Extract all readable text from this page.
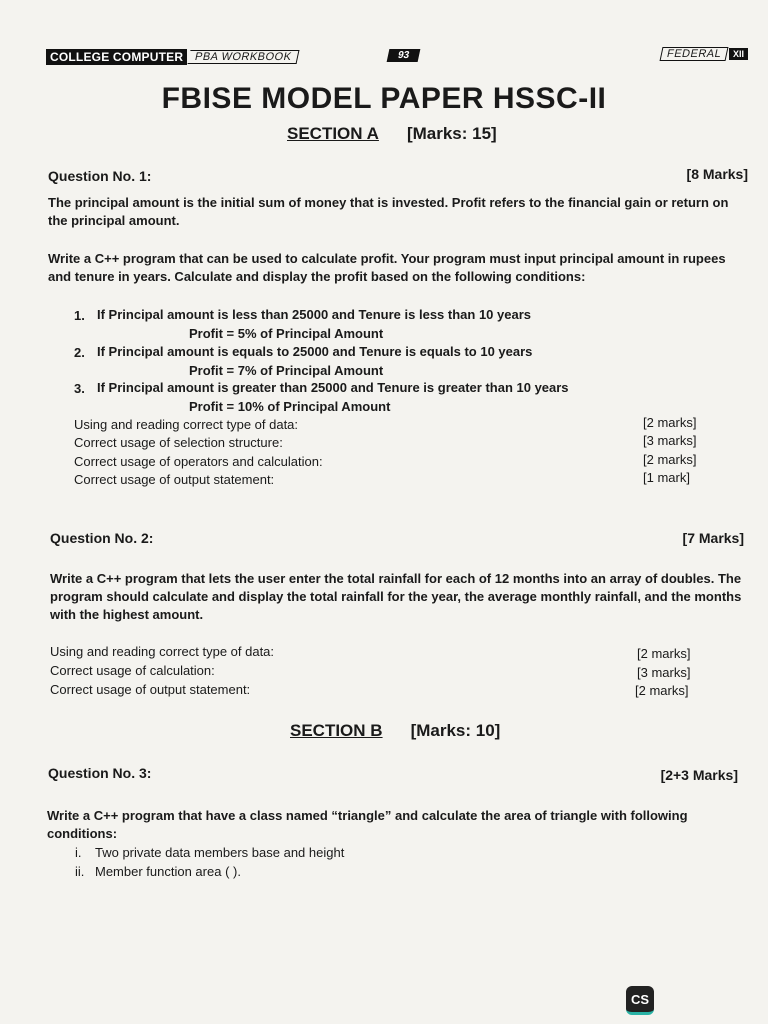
COLLEGE COMPUTER PBA WORKBOOK	93	FEDERAL	XII
FBISE MODEL PAPER HSSC-II
SECTION A [Marks: 15]
Question No. 1:	[8 Marks]
The principal amount is the initial sum of money that is invested. Profit refers to the financial gain or return on the principal amount.
Write a C++ program that can be used to calculate profit. Your program must input principal amount in rupees and tenure in years. Calculate and display the profit based on the following conditions:
1. If Principal amount is less than 25000 and Tenure is less than 10 years
Profit = 5% of Principal Amount
2. If Principal amount is equals to 25000 and Tenure is equals to 10 years
Profit = 7% of Principal Amount
3. If Principal amount is greater than 25000 and Tenure is greater than 10 years
Profit = 10% of Principal Amount
Using and reading correct type of data:	[2 marks]
Correct usage of selection structure:	[3 marks]
Correct usage of operators and calculation:	[2 marks]
Correct usage of output statement:	[1 mark]
Question No. 2:	[7 Marks]
Write a C++ program that lets the user enter the total rainfall for each of 12 months into an array of doubles. The program should calculate and display the total rainfall for the year, the average monthly rainfall, and the months with the highest amount.
Using and reading correct type of data:	[2 marks]
Correct usage of calculation:	[3 marks]
Correct usage of output statement:	[2 marks]
SECTION B [Marks: 10]
Question No. 3:	[2+3 Marks]
Write a C++ program that have a class named “triangle” and calculate the area of triangle with following conditions:
i. Two private data members base and height
ii. Member function area ( ).
CS
